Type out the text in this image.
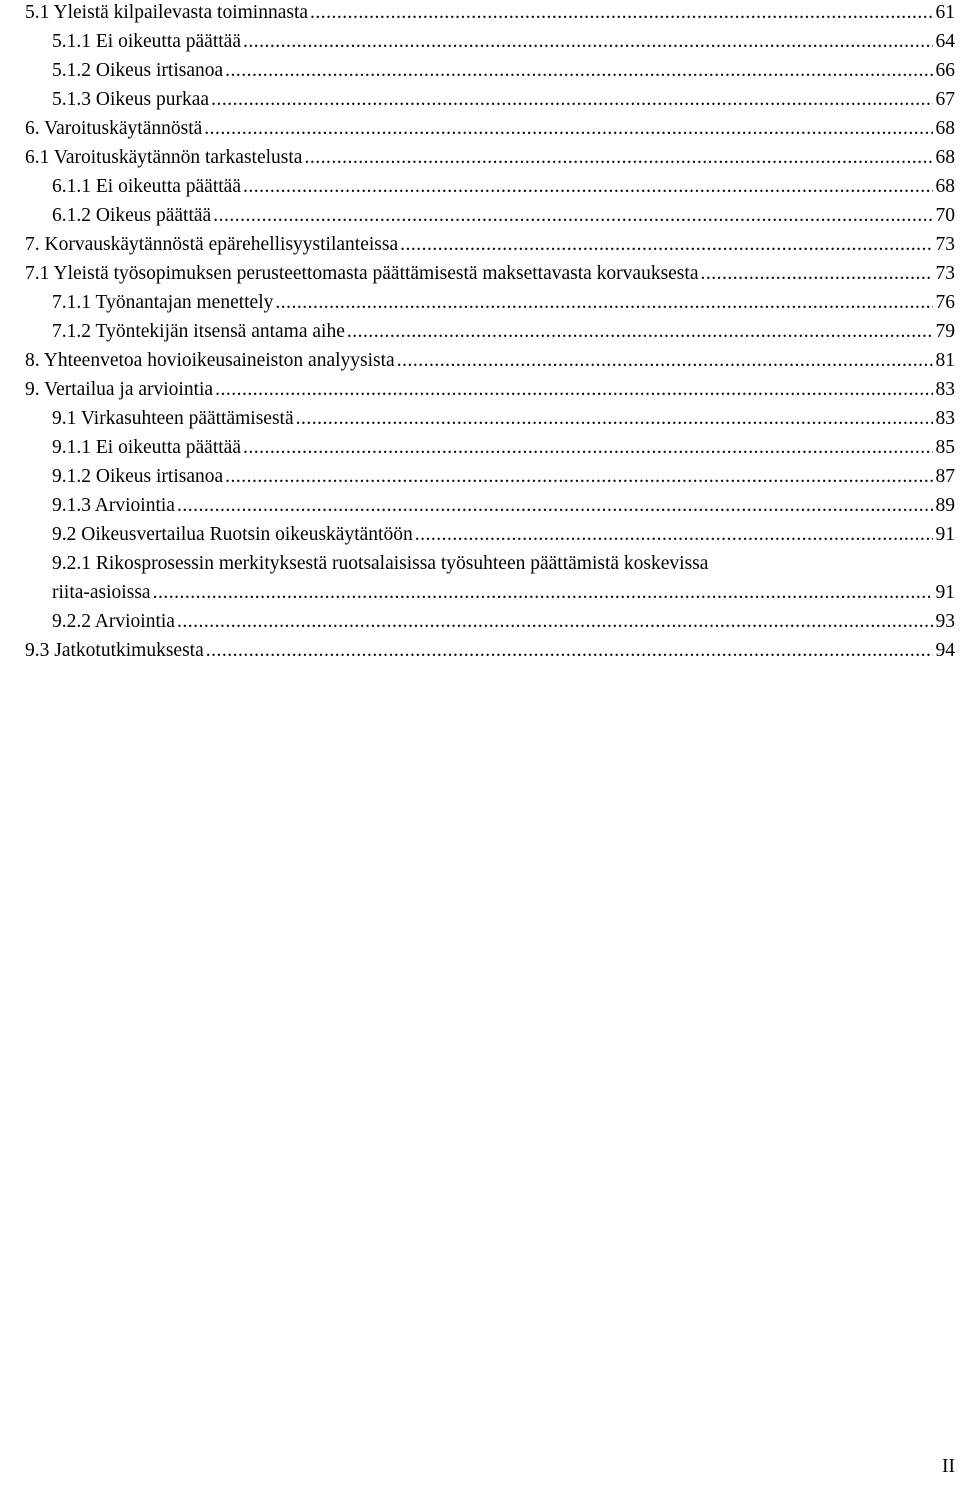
5.1 Yleistä kilpailevasta toiminnasta .....	61
5.1.1 Ei oikeutta päättää .....	64
5.1.2 Oikeus irtisanoa .....	66
5.1.3 Oikeus purkaa .....	67
6. Varoituskäytännöstä .....	68
6.1 Varoituskäytännön tarkastelusta .....	68
6.1.1 Ei oikeutta päättää .....	68
6.1.2 Oikeus päättää .....	70
7. Korvauskäytännöstä epärehellisyystilanteissa .....	73
7.1 Yleistä työsopimuksen perusteettomasta päättämisestä maksettavasta korvauksesta .....	73
7.1.1 Työnantajan menettely .....	76
7.1.2 Työntekijän itsensä antama aihe .....	79
8. Yhteenvetoa hovioikeusaineiston analyysista .....	81
9. Vertailua ja arviointia .....	83
9.1 Virkasuhteen päättämisestä .....	83
9.1.1 Ei oikeutta päättää .....	85
9.1.2 Oikeus irtisanoa .....	87
9.1.3 Arviointia .....	89
9.2 Oikeusvertailua Ruotsin oikeuskäytäntöön .....	91
9.2.1 Rikosprosessin merkityksestä ruotsalaisissa työsuhteen päättämistä koskevissa
riita-asioissa .....	91
9.2.2 Arviointia .....	93
9.3 Jatkotutkimuksesta .....	94
II
